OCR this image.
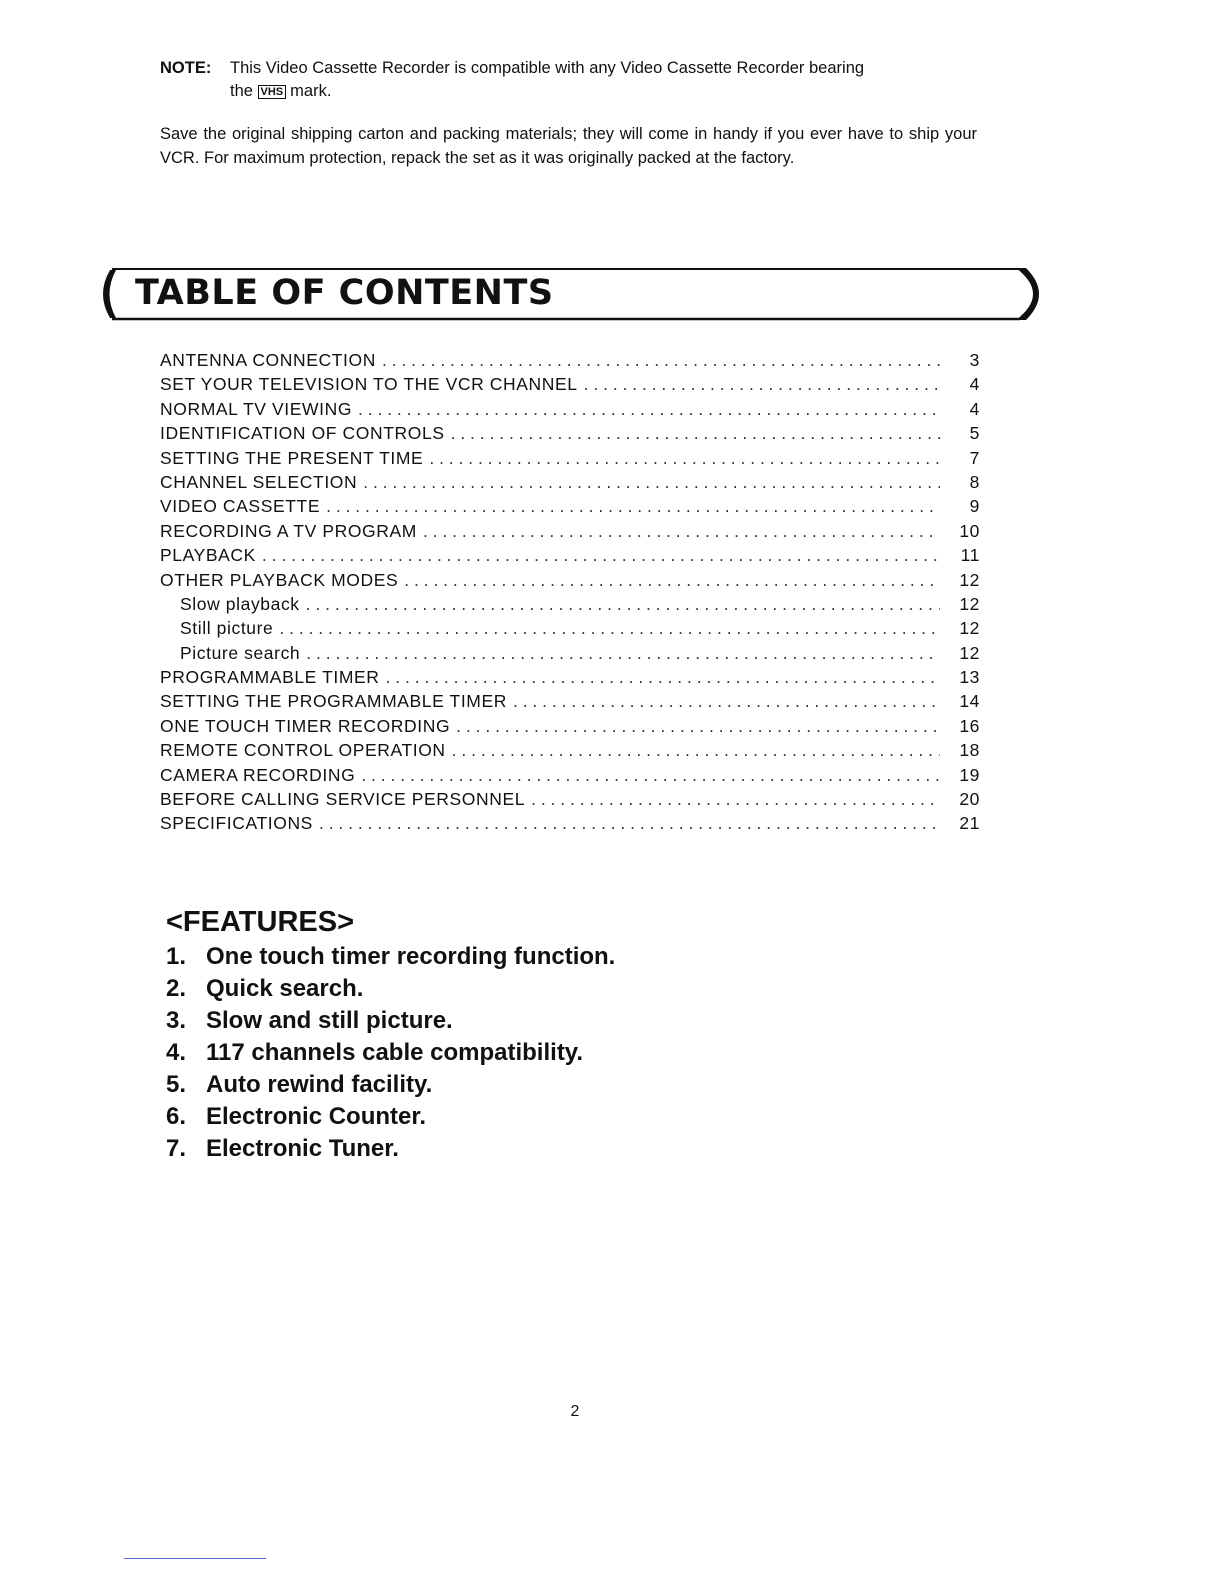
NOTE: This Video Cassette Recorder is compatible with any Video Cassette Recorder bearing
the VHS mark.
Save the original shipping carton and packing materials; they will come in handy if you ever have to ship your VCR. For maximum protection, repack the set as it was originally packed at the factory.
TABLE OF CONTENTS
ANTENNA CONNECTION . . .	3
SET YOUR TELEVISION TO THE VCR CHANNEL . . .	4
NORMAL TV VIEWING . . .	4
IDENTIFICATION OF CONTROLS . . .	5
SETTING THE PRESENT TIME . . .	7
CHANNEL SELECTION . . .	8
VIDEO CASSETTE . . .	9
RECORDING A TV PROGRAM . . .	10
PLAYBACK . . .	11
OTHER PLAYBACK MODES . . .	12
Slow playback . . .	12
Still picture . . .	12
Picture search . . .	12
PROGRAMMABLE TIMER . . .	13
SETTING THE PROGRAMMABLE TIMER . . .	14
ONE TOUCH TIMER RECORDING . . .	16
REMOTE CONTROL OPERATION . . .	18
CAMERA RECORDING . . .	19
BEFORE CALLING SERVICE PERSONNEL . . .	20
SPECIFICATIONS . . .	21
<FEATURES>
1. One touch timer recording function.
2. Quick search.
3. Slow and still picture.
4. 117 channels cable compatibility.
5. Auto rewind facility.
6. Electronic Counter.
7. Electronic Tuner.
2
